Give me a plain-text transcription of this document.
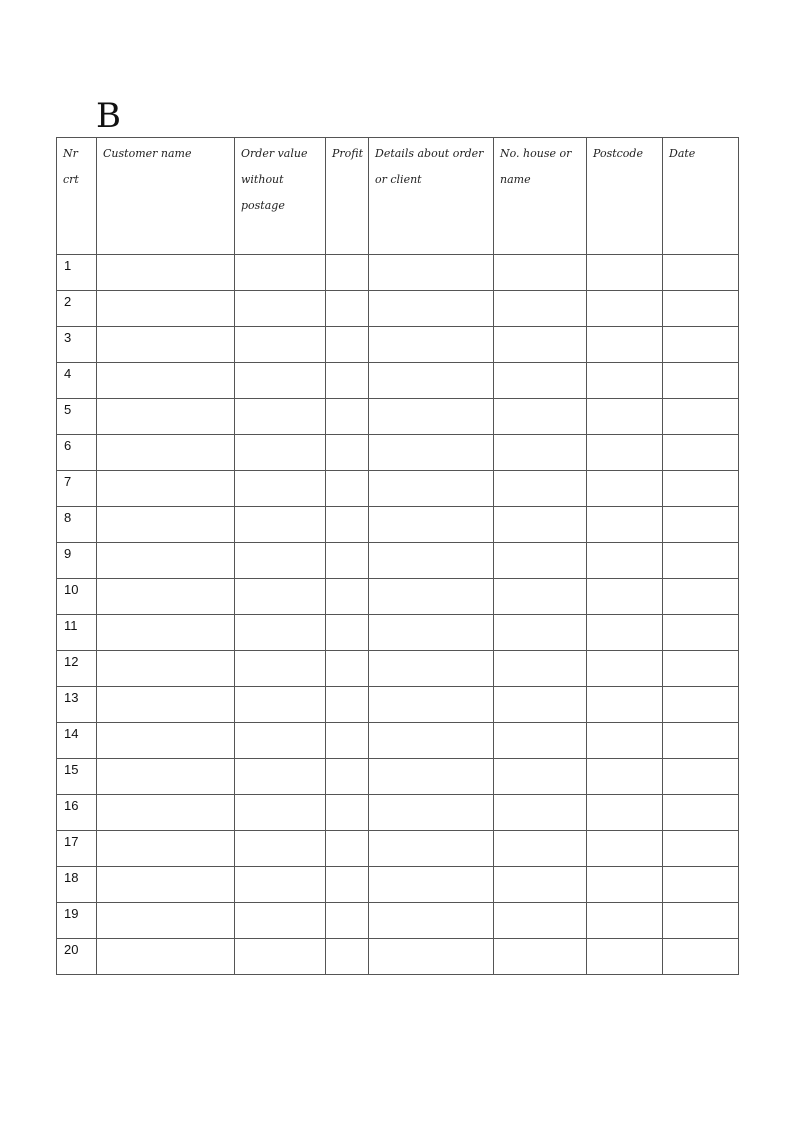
B
Nr crt	Customer name	Order value without postage	Profit	Details about order or client	No. house or name	Postcode	Date
1							
2							
3							
4							
5							
6							
7							
8							
9							
10							
11							
12							
13							
14							
15							
16							
17							
18							
19							
20							
